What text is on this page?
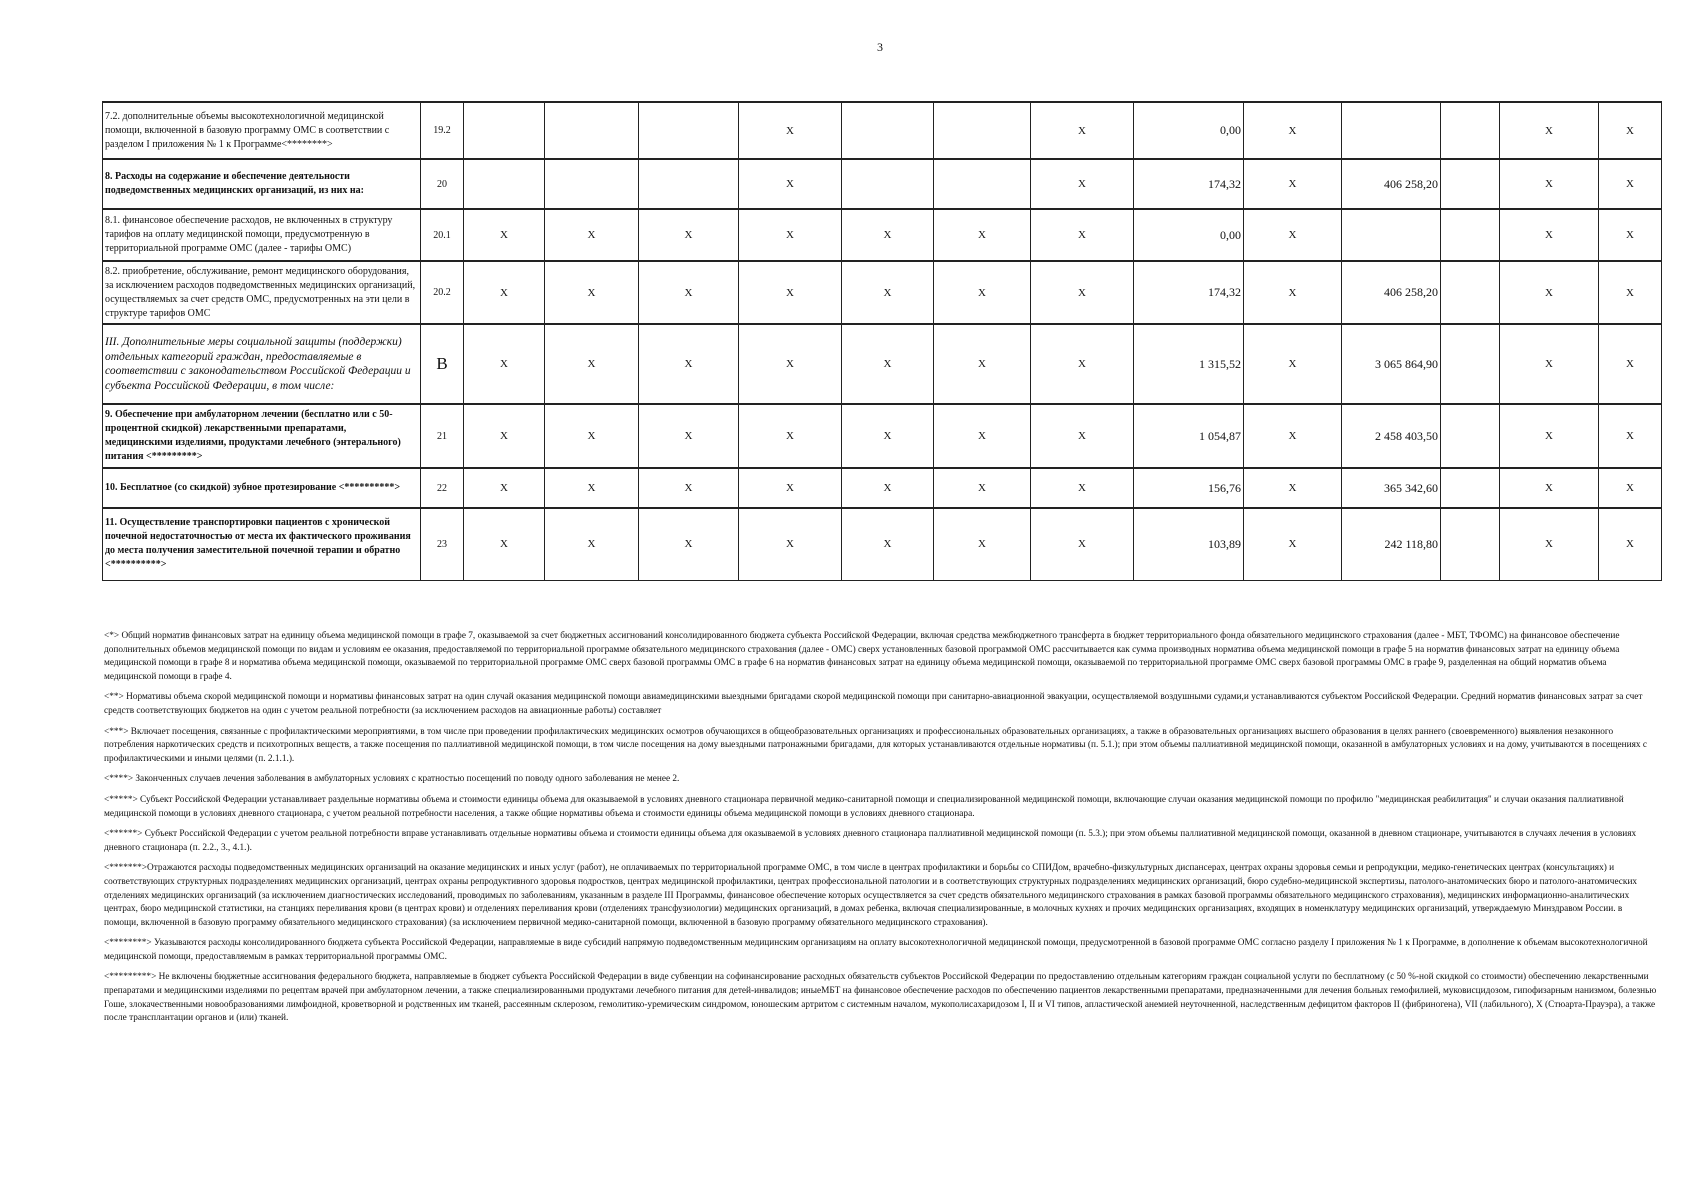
3
7.2. дополнительные объемы высокотехнологичной медицинской помощи, включенной в базовую программу ОМС в соответствии с разделом I приложения № 1 к Программе<********>	19.2				X			X	0,00	X			X	X
8. Расходы на содержание и обеспечение деятельности подведомственных медицинских организаций, из них на:	20				X			X	174,32	X	406 258,20		X	X
8.1. финансовое обеспечение расходов, не включенных в структуру тарифов на оплату медицинской помощи, предусмотренную в территориальной программе ОМС (далее - тарифы ОМС)	20.1	X	X	X	X	X	X	X	0,00	X			X	X
8.2. приобретение, обслуживание, ремонт медицинского оборудования, за исключением расходов подведомственных медицинских организаций, осуществляемых за счет средств ОМС, предусмотренных на эти цели в структуре тарифов ОМС	20.2	X	X	X	X	X	X	X	174,32	X	406 258,20		X	X
III. Дополнительные меры социальной защиты (поддержки) отдельных категорий граждан, предоставляемые в соответствии с законодательством Российской Федерации и субъекта Российской Федерации, в том числе:	B	X	X	X	X	X	X	X	1 315,52	X	3 065 864,90		X	X
9. Обеспечение при амбулаторном лечении (бесплатно или с 50-процентной скидкой) лекарственными препаратами, медицинскими изделиями, продуктами лечебного (энтерального) питания <*********>	21	X	X	X	X	X	X	X	1 054,87	X	2 458 403,50		X	X
10. Бесплатное (со скидкой) зубное протезирование <**********>	22	X	X	X	X	X	X	X	156,76	X	365 342,60		X	X
11. Осуществление транспортировки пациентов с хронической почечной недостаточностью от места их фактического проживания до места получения заместительной почечной терапии и обратно <**********>	23	X	X	X	X	X	X	X	103,89	X	242 118,80		X	X

<*> Общий норматив финансовых затрат на единицу объема медицинской помощи в графе 7, оказываемой за счет бюджетных ассигнований консолидированного бюджета субъекта Российской Федерации, включая средства межбюджетного трансферта в бюджет территориального фонда обязательного медицинского страхования (далее - МБТ, ТФОМС) на финансовое обеспечение дополнительных объемов медицинской помощи по видам и условиям ее оказания, предоставляемой по территориальной программе обязательного медицинского страхования (далее - ОМС) сверх установленных базовой программой ОМС рассчитывается как сумма производных норматива объема медицинской помощи в графе 5 на норматив финансовых затрат на единицу объема медицинской помощи в графе 8 и норматива объема медицинской помощи, оказываемой по территориальной программе ОМС сверх базовой программы ОМС в графе 6 на норматив финансовых затрат на единицу объема медицинской помощи, оказываемой по территориальной программе ОМС сверх базовой программы ОМС в графе 9, разделенная на общий норматив объема медицинской помощи в графе 4.

<**> Нормативы объема скорой медицинской помощи и нормативы финансовых затрат на один случай оказания медицинской помощи авиамедицинскими выездными бригадами скорой медицинской помощи при санитарно-авиационной эвакуации, осуществляемой воздушными судами,и устанавливаются субъектом Российской Федерации. Средний норматив финансовых затрат за счет средств соответствующих бюджетов на один с учетом реальной потребности (за исключением расходов на авиационные работы) составляет

<***> Включает посещения, связанные с профилактическими мероприятиями, в том числе при проведении профилактических медицинских осмотров обучающихся в общеобразовательных организациях и профессиональных образовательных организациях, а также в образовательных организациях высшего образования в целях раннего (своевременного) выявления незаконного потребления наркотических средств и психотропных веществ, а также посещения по паллиативной медицинской помощи, в том числе посещения на дому выездными патронажными бригадами, для которых устанавливаются отдельные нормативы (п. 5.1.); при этом объемы паллиативной медицинской помощи, оказанной в амбулаторных условиях и на дому, учитываются в посещениях с профилактическими и иными целями (п. 2.1.1.).

<****> Законченных случаев лечения заболевания в амбулаторных условиях с кратностью посещений по поводу одного заболевания не менее 2.

<*****> Субъект Российской Федерации устанавливает раздельные нормативы объема и стоимости единицы объема для оказываемой в условиях дневного стационара первичной медико-санитарной помощи и специализированной медицинской помощи, включающие случаи оказания медицинской помощи по профилю "медицинская реабилитация" и случаи оказания паллиативной медицинской помощи в условиях дневного стационара, с учетом реальной потребности населения, а также общие нормативы объема и стоимости единицы объема медицинской помощи в условиях дневного стационара.

<******> Субъект Российской Федерации с учетом реальной потребности вправе устанавливать отдельные нормативы объема и стоимости единицы объема для оказываемой в условиях дневного стационара паллиативной медицинской помощи (п. 5.3.); при этом объемы паллиативной медицинской помощи, оказанной в дневном стационаре, учитываются в случаях лечения в условиях дневного стационара (п. 2.2., 3., 4.1.).

<*******>Отражаются расходы подведомственных медицинских организаций на оказание медицинских и иных услуг (работ), не оплачиваемых по территориальной программе ОМС, в том числе в центрах профилактики и борьбы со СПИДом, врачебно-физкультурных диспансерах, центрах охраны здоровья семьи и репродукции, медико-генетических центрах (консультациях) и соответствующих структурных подразделениях медицинских организаций, центрах охраны репродуктивного здоровья подростков, центрах медицинской профилактики, центрах профессиональной патологии и в соответствующих структурных подразделениях медицинских организаций, бюро судебно-медицинской экспертизы, патолого-анатомических бюро и патолого-анатомических отделениях медицинских организаций (за исключением диагностических исследований, проводимых по заболеваниям, указанным в разделе III Программы, финансовое обеспечение которых осуществляется за счет средств обязательного медицинского страхования в рамках базовой программы обязательного медицинского страхования), медицинских информационно-аналитических центрах, бюро медицинской статистики, на станциях переливания крови (в центрах крови) и отделениях переливания крови (отделениях трансфузиологии) медицинских организаций, в домах ребенка, включая специализированные, в молочных кухнях и прочих медицинских организациях, входящих в номенклатуру медицинских организаций, утверждаемую Минздравом России. в помощи, включенной в базовую программу обязательного медицинского страхования) (за исключением первичной медико-санитарной помощи, включенной в базовую программу обязательного медицинского страхования).

<********> Указываются расходы консолидированного бюджета субъекта Российской Федерации, направляемые в виде субсидий напрямую подведомственным медицинским организациям на оплату высокотехнологичной медицинской помощи, предусмотренной в базовой программе ОМС согласно разделу I приложения № 1 к Программе, в дополнение к объемам высокотехнологичной медицинской помощи, предоставляемым в рамках территориальной программы ОМС.

<*********> Не включены бюджетные ассигнования федерального бюджета, направляемые в бюджет субъекта Российской Федерации в виде субвенции на софинансирование расходных обязательств субъектов Российской Федерации по предоставлению отдельным категориям граждан социальной услуги по бесплатному (с 50 %-ной скидкой со стоимости) обеспечению лекарственными препаратами и медицинскими изделиями по рецептам врачей при амбулаторном лечении, а также специализированными продуктами лечебного питания для детей-инвалидов; иныеМБТ на финансовое обеспечение расходов по обеспечению пациентов лекарственными препаратами, предназначенными для лечения больных гемофилией, муковисцидозом, гипофизарным нанизмом, болезнью Гоше, злокачественными новообразованиями лимфоидной, кроветворной и родственных им тканей, рассеянным склерозом, гемолитико-уремическим синдромом, юношеским артритом с системным началом, мукополисахаридозом I, II и VI типов, апластической анемией неуточненной, наследственным дефицитом факторов II (фибриногена), VII (лабильного), X (Стюарта-Прауэра), а также после трансплантации органов и (или) тканей.
